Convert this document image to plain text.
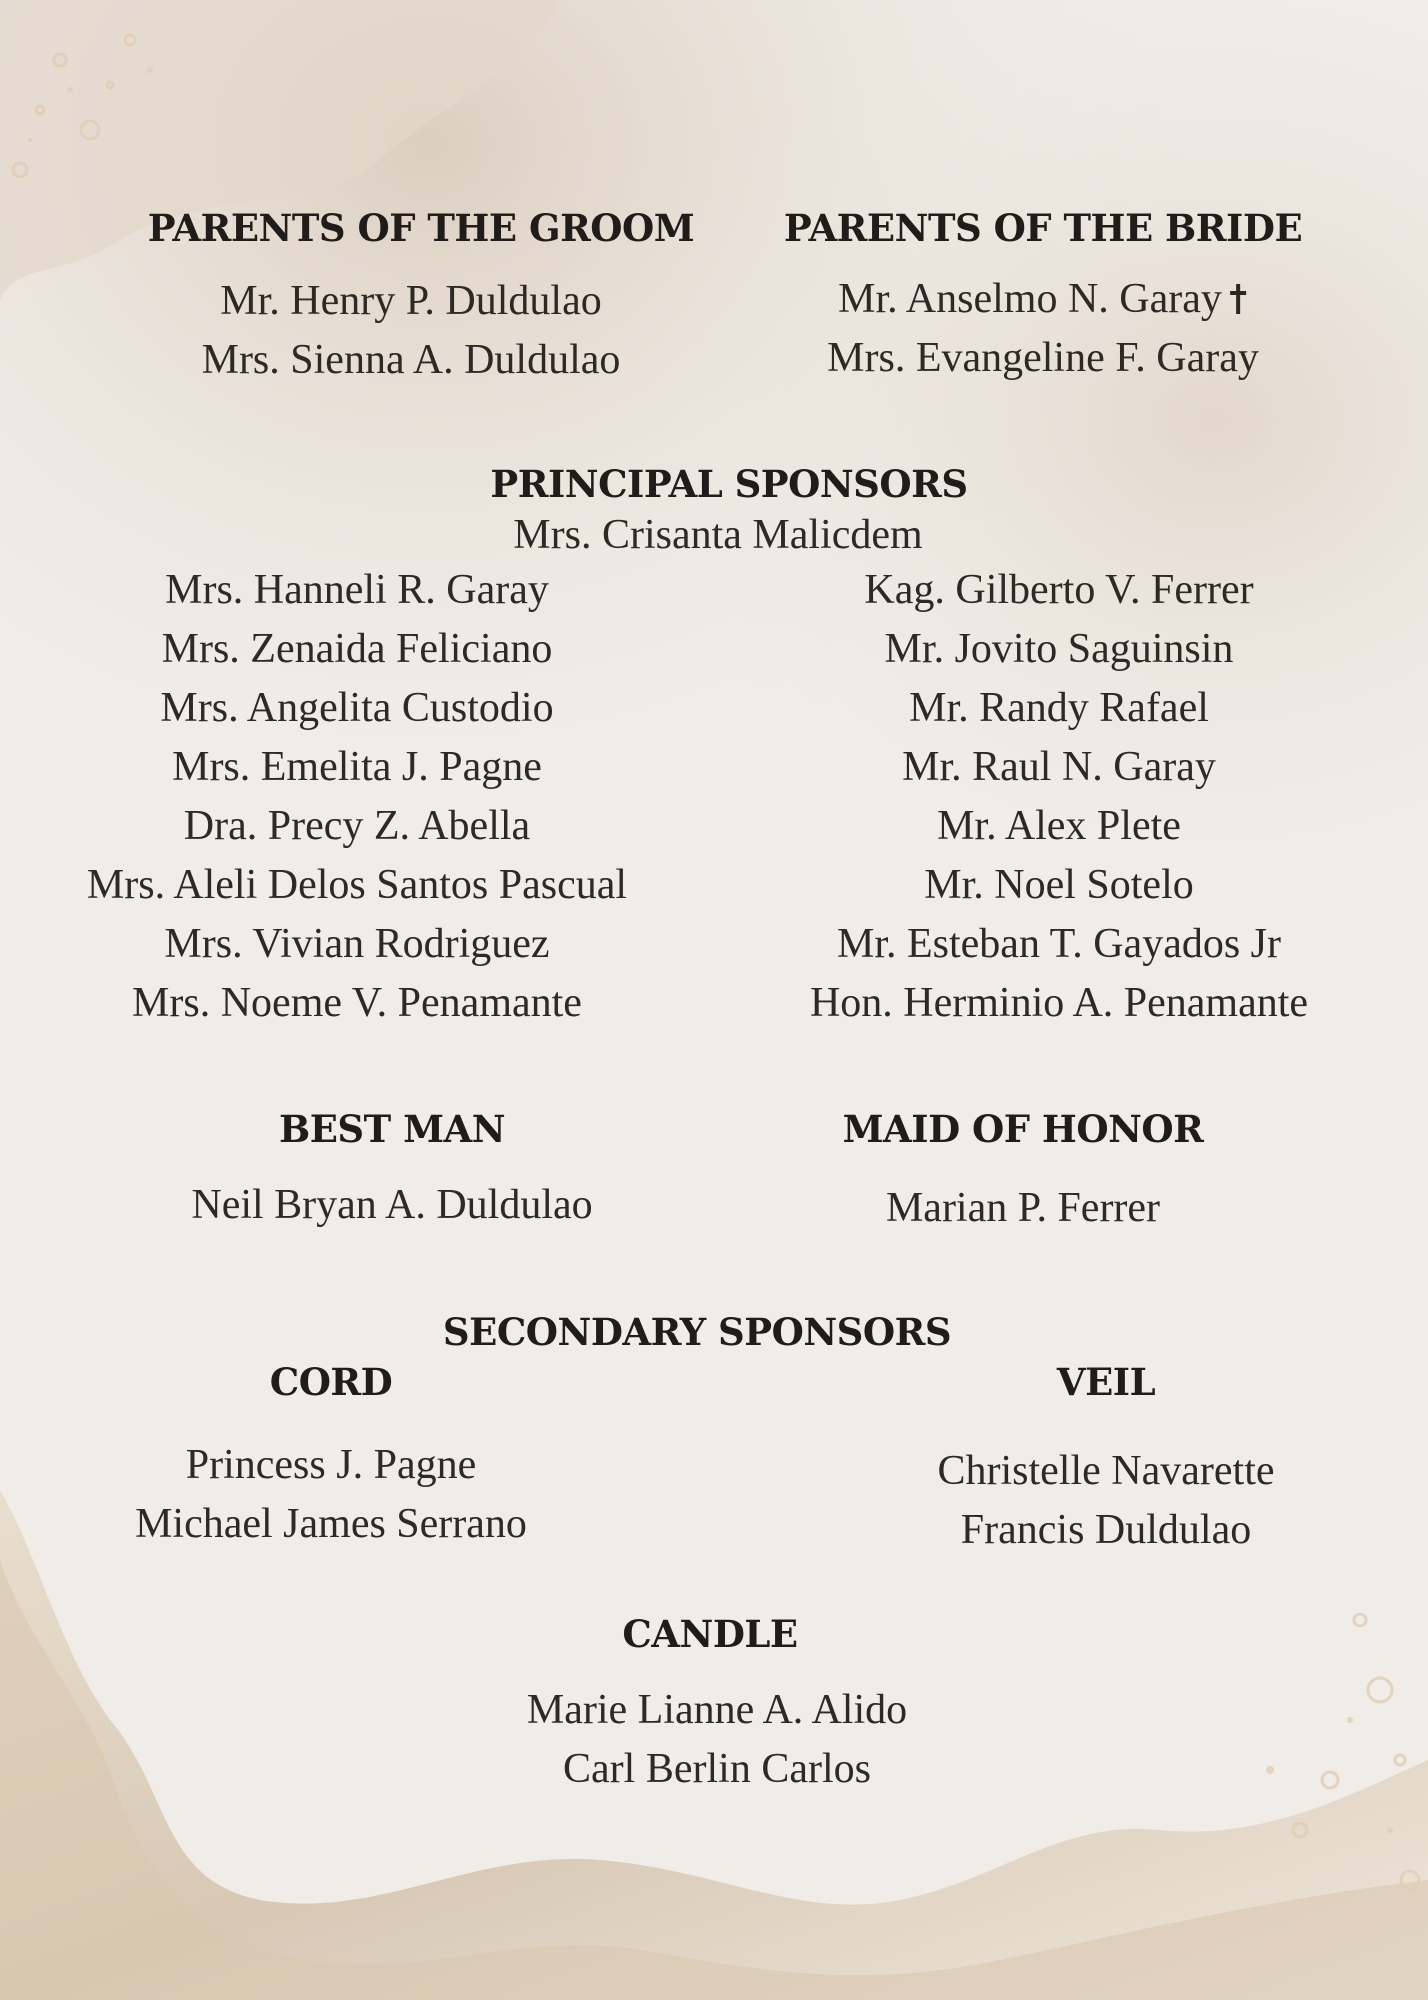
PARENTS OF THE GROOM PARENTS OF THE BRIDE
Mr. Henry P. Duldulao
Mrs. Sienna A. Duldulao
Mr. Anselmo N. Garay
Mrs. Evangeline F. Garay
PRINCIPAL SPONSORS
Mrs. Crisanta Malicdem
Mrs. Hanneli R. Garay
Mrs. Zenaida Feliciano
Mrs. Angelita Custodio
Mrs. Emelita J. Pagne
Dra. Precy Z. Abella
Mrs. Aleli Delos Santos Pascual
Mrs. Vivian Rodriguez
Mrs. Noeme V. Penamante
Kag. Gilberto V. Ferrer
Mr. Jovito Saguinsin
Mr. Randy Rafael
Mr. Raul N. Garay
Mr. Alex Plete
Mr. Noel Sotelo
Mr. Esteban T. Gayados Jr
Hon. Herminio A. Penamante
BEST MAN
Neil Bryan A. Duldulao
MAID OF HONOR
Marian P. Ferrer
SECONDARY SPONSORS
CORD
Princess J. Pagne
Michael James Serrano
VEIL
Christelle Navarette
Francis Duldulao
CANDLE
Marie Lianne A. Alido
Carl Berlin Carlos
